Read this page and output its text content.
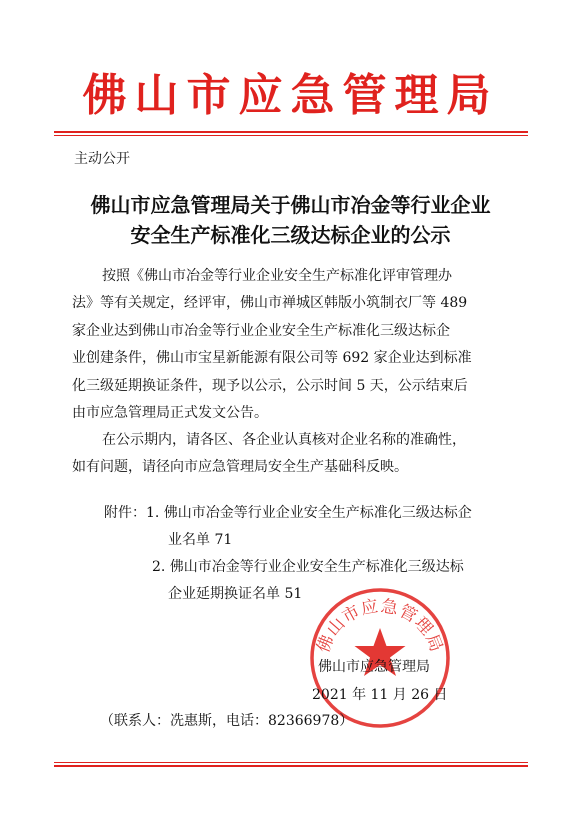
佛山市应急管理局
主动公开
佛山市应急管理局关于佛山市冶金等行业企业
安全生产标准化三级达标企业的公示
按照《佛山市冶金等行业企业安全生产标准化评审管理办
法》等有关规定，经评审，佛山市禅城区韩版小筑制衣厂等 489
家企业达到佛山市冶金等行业企业安全生产标准化三级达标企
业创建条件，佛山市宝星新能源有限公司等 692 家企业达到标准
化三级延期换证条件，现予以公示，公示时间 5 天，公示结束后
由市应急管理局正式发文公告。
在公示期内，请各区、各企业认真核对企业名称的准确性，
如有问题，请径向市应急管理局安全生产基础科反映。
附件： 1. 佛山市冶金等行业企业安全生产标准化三级达标企
业名单 71
2. 佛山市冶金等行业企业安全生产标准化三级达标
企业延期换证名单 51
佛山市应急管理局
佛山市应急管理局
2021 年 11 月 26 日
（联系人：冼惠斯，电话：82366978）
